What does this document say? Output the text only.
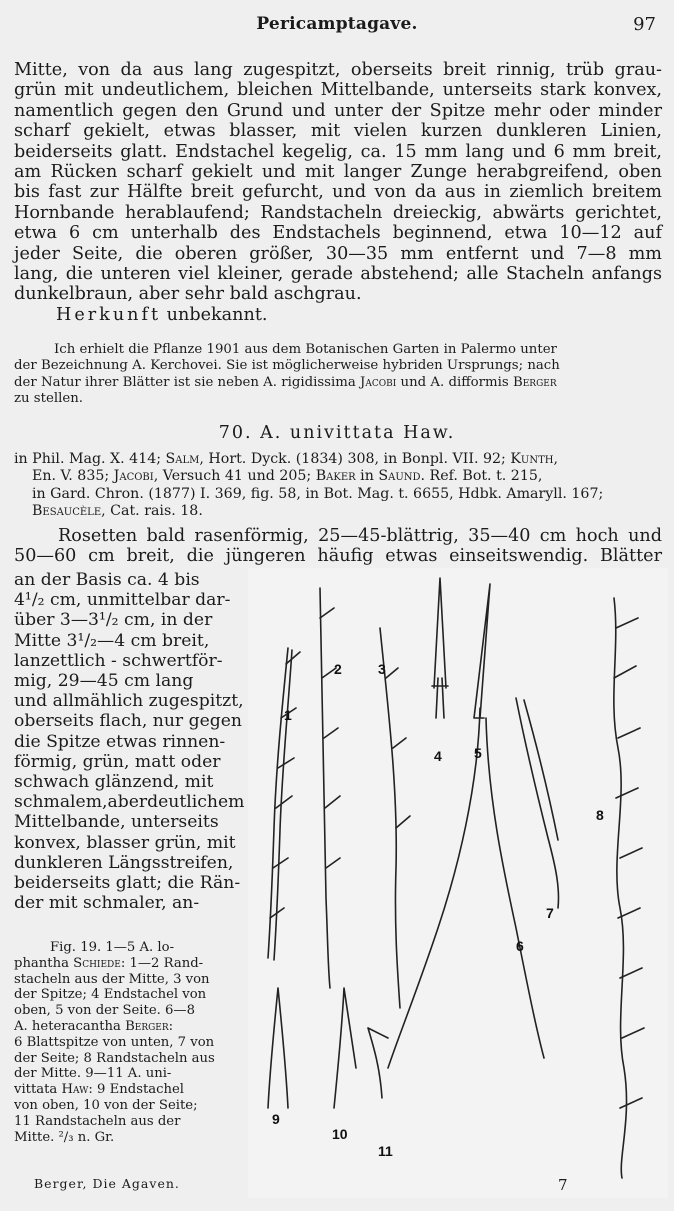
Pericamptagave.	97
Mitte, von da aus lang zugespitzt, oberseits breit rinnig, trüb grau-
grün mit undeutlichem, bleichen Mittelbande, unterseits stark konvex,
namentlich gegen den Grund und unter der Spitze mehr oder minder
scharf gekielt, etwas blasser, mit vielen kurzen dunkleren Linien,
beiderseits glatt. Endstachel kegelig, ca. 15 mm lang und 6 mm breit,
am Rücken scharf gekielt und mit langer Zunge herabgreifend, oben
bis fast zur Hälfte breit gefurcht, und von da aus in ziemlich breitem
Hornbande herablaufend; Randstacheln dreieckig, abwärts gerichtet,
etwa 6 cm unterhalb des Endstachels beginnend, etwa 10—12 auf
jeder Seite, die oberen größer, 30—35 mm entfernt und 7—8 mm
lang, die unteren viel kleiner, gerade abstehend; alle Stacheln anfangs
dunkelbraun, aber sehr bald aschgrau.
Herkunft unbekannt.
Ich erhielt die Pflanze 1901 aus dem Botanischen Garten in Palermo unter
der Bezeichnung A. Kerchovei. Sie ist möglicherweise hybriden Ursprungs; nach
der Natur ihrer Blätter ist sie neben A. rigidissima Jacobi und A. difformis Berger
zu stellen.
70. A. univittata Haw.
in Phil. Mag. X. 414; Salm, Hort. Dyck. (1834) 308, in Bonpl. VII. 92; Kunth,
En. V. 835; Jacobi, Versuch 41 und 205; Baker in Saund. Ref. Bot. t. 215,
in Gard. Chron. (1877) I. 369, fig. 58, in Bot. Mag. t. 6655, Hdbk. Amaryll. 167;
Besaucèle, Cat. rais. 18.
Rosetten bald rasenförmig, 25—45-blättrig, 35—40 cm hoch und
50—60 cm breit, die jüngeren häufig etwas einseitswendig. Blätter
an der Basis ca. 4 bis
4¹/₂ cm, unmittelbar dar-
über 3—3¹/₂ cm, in der
Mitte 3¹/₂—4 cm breit,
lanzettlich - schwertför-
mig, 29—45 cm lang
und allmählich zugespitzt,
oberseits flach, nur gegen
die Spitze etwas rinnen-
förmig, grün, matt oder
schwach glänzend, mit
schmalem,aberdeutlichem
Mittelbande, unterseits
konvex, blasser grün, mit
dunkleren Längsstreifen,
beiderseits glatt; die Rän-
der mit schmaler, an-
Fig. 19. 1—5 A. lo-
phantha Schiede: 1—2 Rand-
stacheln aus der Mitte, 3 von
der Spitze; 4 Endstachel von
oben, 5 von der Seite. 6—8
A. heteracantha Berger:
6 Blattspitze von unten, 7 von
der Seite; 8 Randstacheln aus
der Mitte. 9—11 A. uni-
vittata Haw: 9 Endstachel
von oben, 10 von der Seite;
11 Randstacheln aus der
Mitte. ²/₃ n. Gr.
1
2	3
4 5
6
7
8
9
10
11
Berger, Die Agaven.	7
